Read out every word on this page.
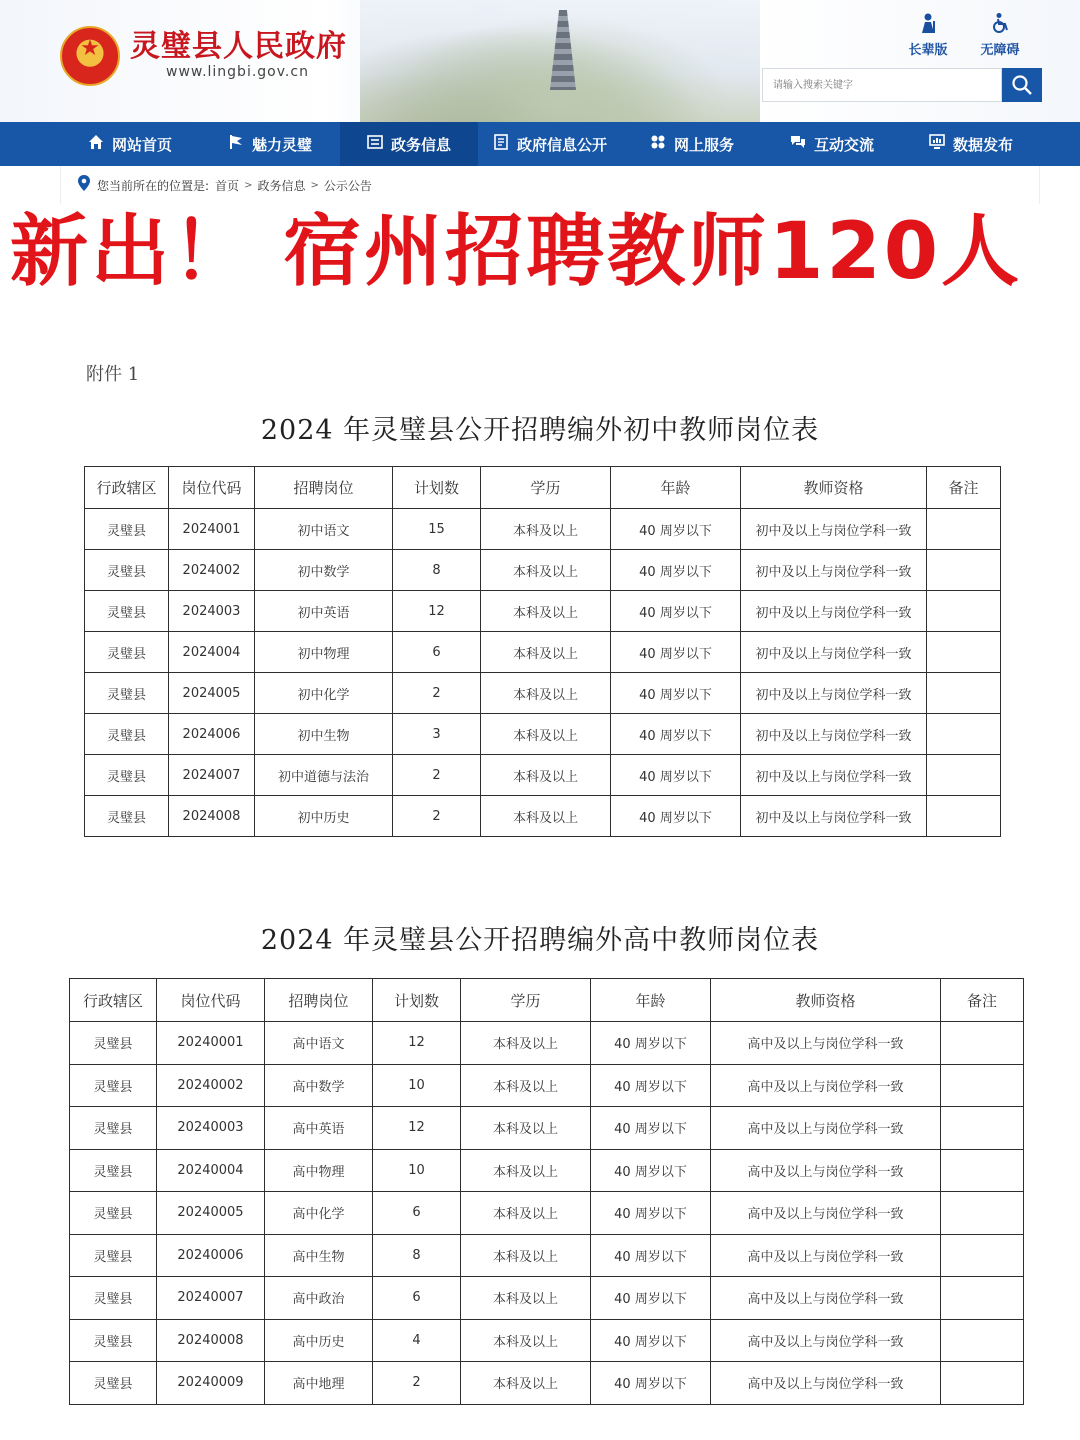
★
灵璧县人民政府
www.lingbi.gov.cn
长辈版	无障碍
请输入搜索关键字
网站首页	魅力灵璧	政务信息	政府信息公开	网上服务	互动交流	数据发布
您当前所在的位置是: 首页 > 政务信息 > 公示公告
新出！ 宿州招聘教师120人
附件 1
2024 年灵璧县公开招聘编外初中教师岗位表
行政辖区	岗位代码	招聘岗位	计划数	学历	年龄	教师资格	备注
灵璧县	2024001	初中语文	15	本科及以上	40 周岁以下	初中及以上与岗位学科一致	
灵璧县	2024002	初中数学	8	本科及以上	40 周岁以下	初中及以上与岗位学科一致	
灵璧县	2024003	初中英语	12	本科及以上	40 周岁以下	初中及以上与岗位学科一致	
灵璧县	2024004	初中物理	6	本科及以上	40 周岁以下	初中及以上与岗位学科一致	
灵璧县	2024005	初中化学	2	本科及以上	40 周岁以下	初中及以上与岗位学科一致	
灵璧县	2024006	初中生物	3	本科及以上	40 周岁以下	初中及以上与岗位学科一致	
灵璧县	2024007	初中道德与法治	2	本科及以上	40 周岁以下	初中及以上与岗位学科一致	
灵璧县	2024008	初中历史	2	本科及以上	40 周岁以下	初中及以上与岗位学科一致	
2024 年灵璧县公开招聘编外高中教师岗位表
行政辖区	岗位代码	招聘岗位	计划数	学历	年龄	教师资格	备注
灵璧县	20240001	高中语文	12	本科及以上	40 周岁以下	高中及以上与岗位学科一致	
灵璧县	20240002	高中数学	10	本科及以上	40 周岁以下	高中及以上与岗位学科一致	
灵璧县	20240003	高中英语	12	本科及以上	40 周岁以下	高中及以上与岗位学科一致	
灵璧县	20240004	高中物理	10	本科及以上	40 周岁以下	高中及以上与岗位学科一致	
灵璧县	20240005	高中化学	6	本科及以上	40 周岁以下	高中及以上与岗位学科一致	
灵璧县	20240006	高中生物	8	本科及以上	40 周岁以下	高中及以上与岗位学科一致	
灵璧县	20240007	高中政治	6	本科及以上	40 周岁以下	高中及以上与岗位学科一致	
灵璧县	20240008	高中历史	4	本科及以上	40 周岁以下	高中及以上与岗位学科一致	
灵璧县	20240009	高中地理	2	本科及以上	40 周岁以下	高中及以上与岗位学科一致	
